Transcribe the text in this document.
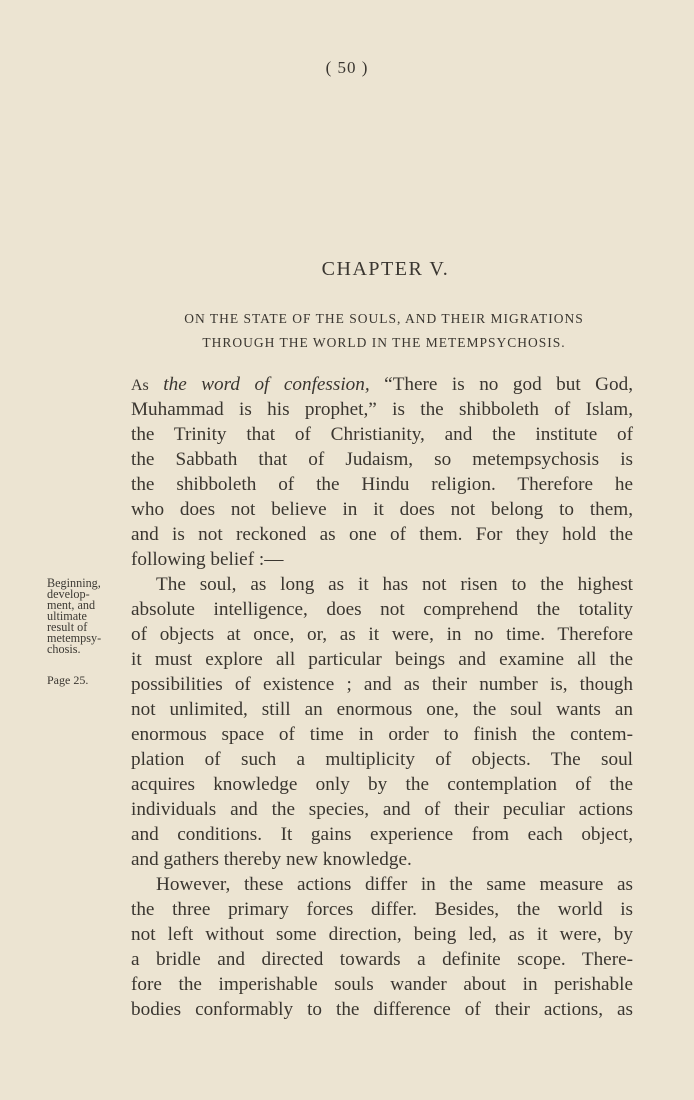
( 50 )
CHAPTER V.
ON THE STATE OF THE SOULS, AND THEIR MIGRATIONS
THROUGH THE WORLD IN THE METEMPSYCHOSIS.
As the word of confession, “There is no god but God,
Muhammad is his prophet,” is the shibboleth of Islam,
the Trinity that of Christianity, and the institute of
the Sabbath that of Judaism, so metempsychosis is
the shibboleth of the Hindu religion. Therefore he
who does not believe in it does not belong to them,
and is not reckoned as one of them. For they hold the
following belief :—
The soul, as long as it has not risen to the highest
absolute intelligence, does not comprehend the totality
of objects at once, or, as it were, in no time. Therefore
it must explore all particular beings and examine all the
possibilities of existence ; and as their number is, though
not unlimited, still an enormous one, the soul wants an
enormous space of time in order to finish the contem-
plation of such a multiplicity of objects. The soul
acquires knowledge only by the contemplation of the
individuals and the species, and of their peculiar actions
and conditions. It gains experience from each object,
and gathers thereby new knowledge.
However, these actions differ in the same measure as
the three primary forces differ. Besides, the world is
not left without some direction, being led, as it were, by
a bridle and directed towards a definite scope. There-
fore the imperishable souls wander about in perishable
bodies conformably to the difference of their actions, as
Beginning,
develop-
ment, and
ultimate
result of
metempsy-
chosis.
Page 25.
